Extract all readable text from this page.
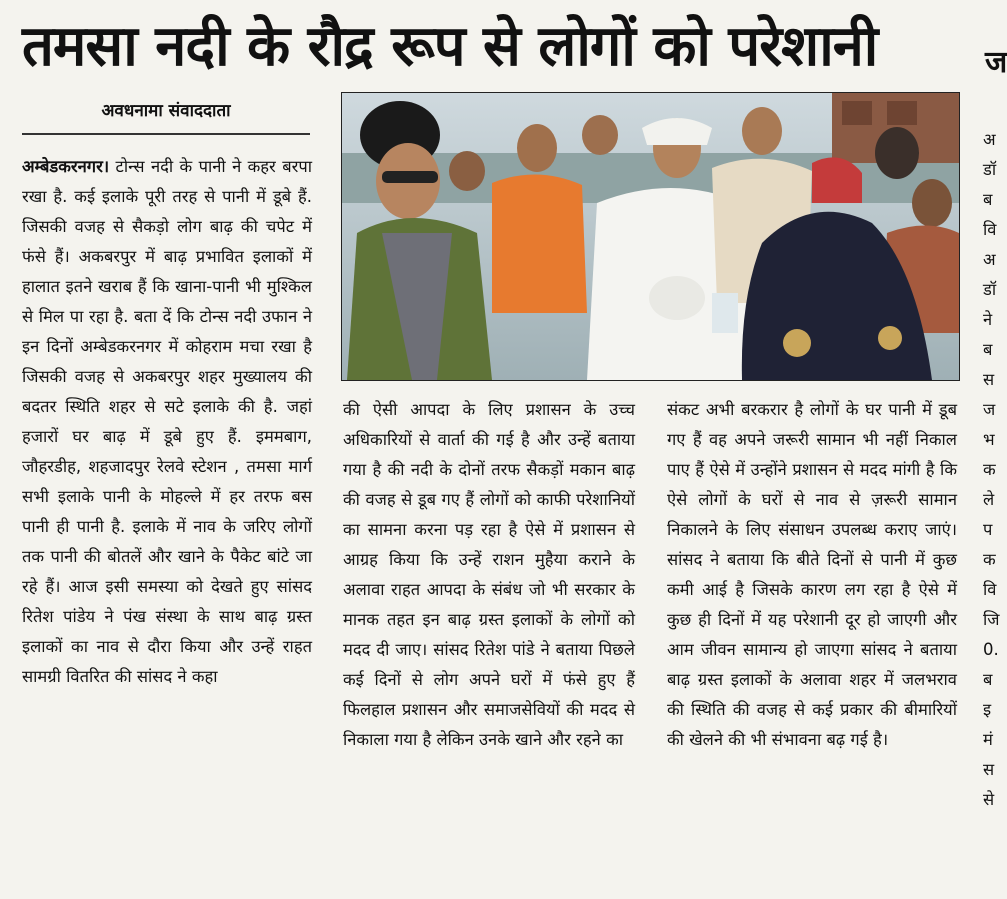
तमसा नदी के रौद्र रूप से लोगों को परेशानी	ज
अवधनामा संवाददाता

अम्बेडकरनगर। टोन्स नदी के पानी ने कहर बरपा रखा है. कई इलाके पूरी तरह से पानी में डूबे हैं. जिसकी वजह से सैकड़ो लोग बाढ़ की चपेट में फंसे हैं। अकबरपुर में बाढ़ प्रभावित इलाकों में हालात इतने खराब हैं कि खाना-पानी भी मुश्किल से मिल पा रहा है. बता दें कि टोन्स नदी उफान ने इन दिनों अम्बेडकरनगर में कोहराम मचा रखा है जिसकी वजह से अकबरपुर शहर मुख्यालय की बदतर स्थिति शहर से सटे इलाके की है. जहां हजारों घर बाढ़ में डूबे हुए हैं. इममबाग, जौहरडीह, शहजादपुर रेलवे स्टेशन , तमसा मार्ग सभी इलाके पानी के मोहल्ले में हर तरफ बस पानी ही पानी है. इलाके में नाव के जरिए लोगों तक पानी की बोतलें और खाने के पैकेट बांटे जा रहे हैं। आज इसी समस्या को देखते हुए सांसद रितेश पांडेय ने पंख संस्था के साथ बाढ़ ग्रस्त इलाकों का नाव से दौरा किया और उन्हें राहत सामग्री वितरित की सांसद ने कहा

की ऐसी आपदा के लिए प्रशासन के उच्च अधिकारियों से वार्ता की गई है और उन्हें बताया गया है की नदी के दोनों तरफ सैकड़ों मकान बाढ़ की वजह से डूब गए हैं लोगों को काफी परेशानियों का सामना करना पड़ रहा है ऐसे में प्रशासन से आग्रह किया कि उन्हें राशन मुहैया कराने के अलावा राहत आपदा के संबंध जो भी सरकार के मानक तहत इन बाढ़ ग्रस्त इलाकों के लोगों को मदद दी जाए। सांसद रितेश पांडे ने बताया पिछले कई दिनों से लोग अपने घरों में फंसे हुए हैं फिलहाल प्रशासन और समाजसेवियों की मदद से निकाला गया है लेकिन उनके खाने और रहने का

संकट अभी बरकरार है लोगों के घर पानी में डूब गए हैं वह अपने जरूरी सामान भी नहीं निकाल पाए हैं ऐसे में उन्होंने प्रशासन से मदद मांगी है कि ऐसे लोगों के घरों से नाव से ज़रूरी सामान निकालने के लिए संसाधन उपलब्ध कराए जाएं। सांसद ने बताया कि बीते दिनों से पानी में कुछ कमी आई है जिसके कारण लग रहा है ऐसे में कुछ ही दिनों में यह परेशानी दूर हो जाएगी और आम जीवन सामान्य हो जाएगा सांसद ने बताया बाढ़ ग्रस्त इलाकों के अलावा शहर में जलभराव की स्थिति की वजह से कई प्रकार की बीमारियों की खेलने की भी संभावना बढ़ गई है।

अ
डॉ
ब
वि
अ
डॉ
ने
ब
स
ज
भ
क
ले
प
क
वि
जि
0.
ब
इ
मं
स
से
